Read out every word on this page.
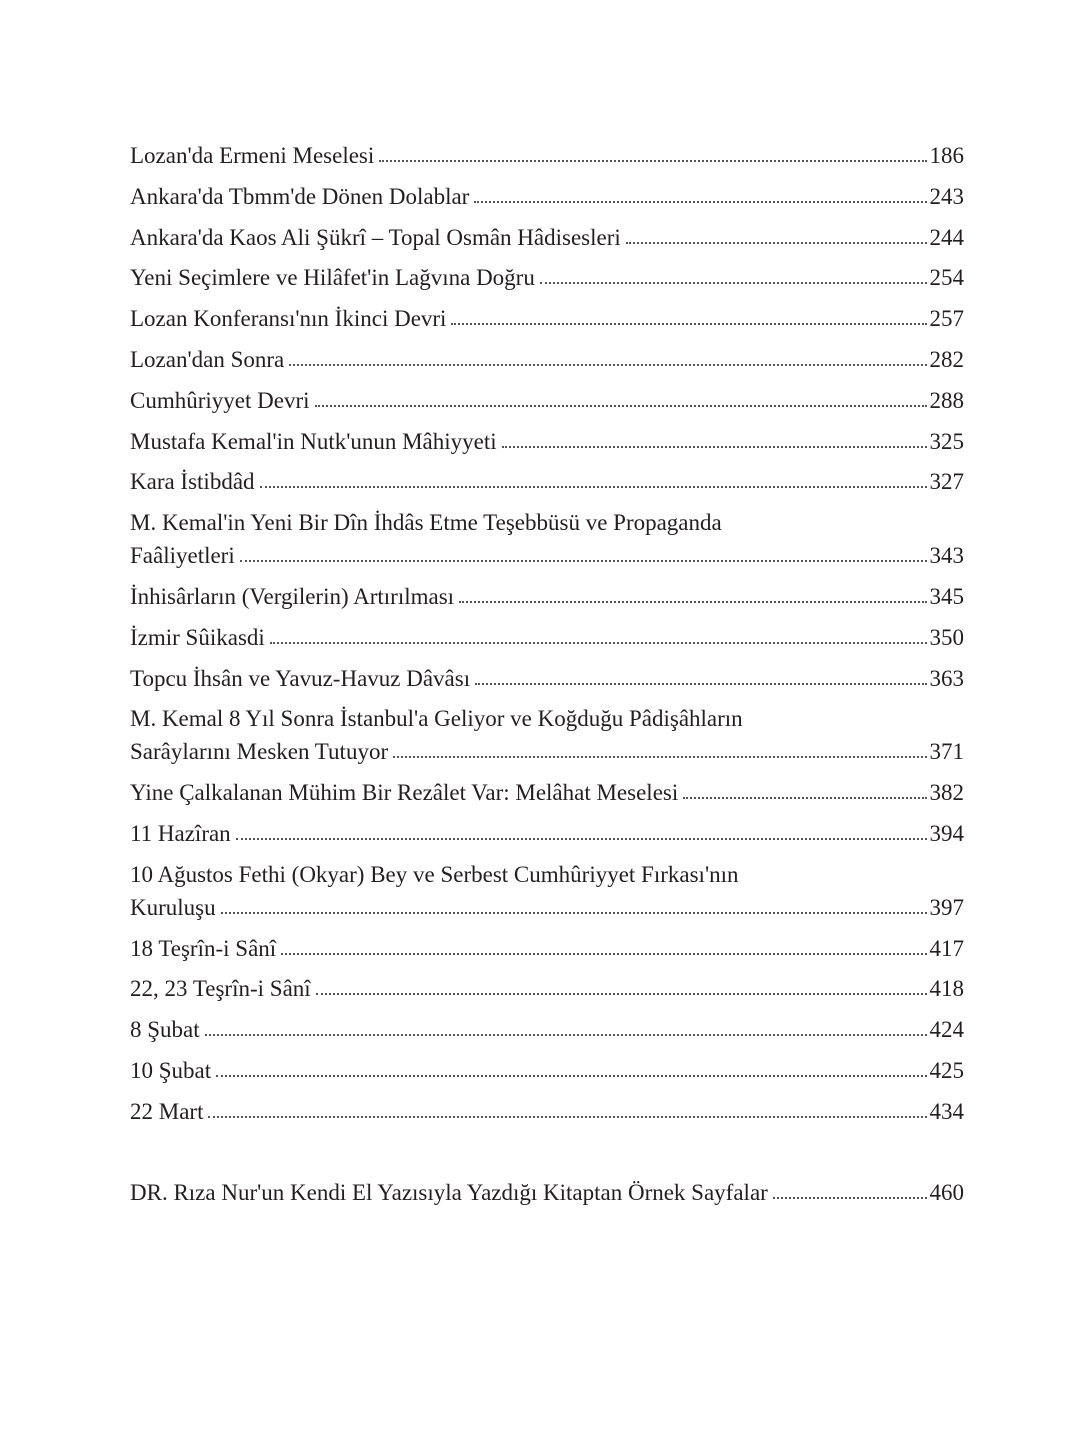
Lozan'da Ermeni Meselesi	186
Ankara'da Tbmm'de Dönen Dolablar	243
Ankara'da Kaos Ali Şükrî – Topal Osmân Hâdisesleri	244
Yeni Seçimlere ve Hilâfet'in Lağvına Doğru	254
Lozan Konferansı'nın İkinci Devri	257
Lozan'dan Sonra	282
Cumhûriyyet Devri	288
Mustafa Kemal'in Nutk'unun Mâhiyyeti	325
Kara İstibdâd	327
M. Kemal'in Yeni Bir Dîn İhdâs Etme Teşebbüsü ve Propaganda
Faâliyetleri	343
İnhisârların (Vergilerin) Artırılması	345
İzmir Sûikasdi	350
Topcu İhsân ve Yavuz-Havuz Dâvâsı	363
M. Kemal 8 Yıl Sonra İstanbul'a Geliyor ve Koğduğu Pâdişâhların
Sarâylarını Mesken Tutuyor	371
Yine Çalkalanan Mühim Bir Rezâlet Var: Melâhat Meselesi	382
11 Hazîran	394
10 Ağustos Fethi (Okyar) Bey ve Serbest Cumhûriyyet Fırkası'nın
Kuruluşu	397
18 Teşrîn-i Sânî	417
22, 23 Teşrîn-i Sânî	418
8 Şubat	424
10 Şubat	425
22 Mart	434
DR. Rıza Nur'un Kendi El Yazısıyla Yazdığı Kitaptan Örnek Sayfalar	460
